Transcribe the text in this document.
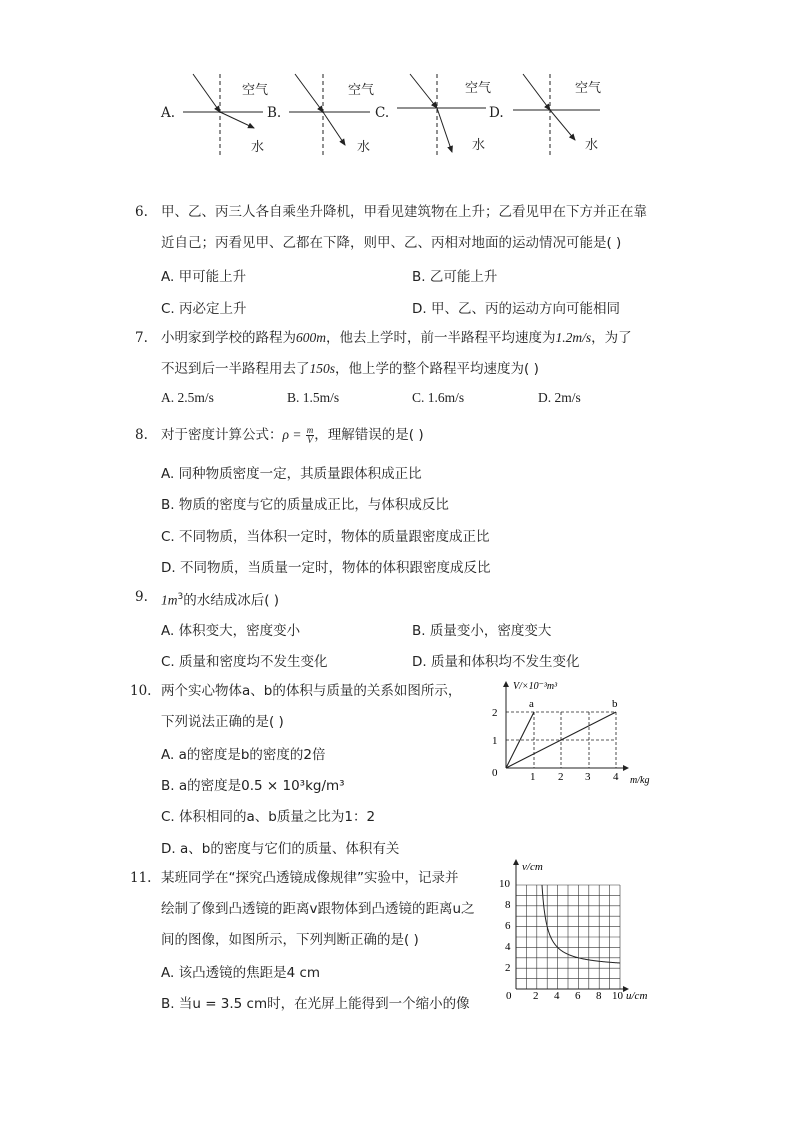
A.	B.	C.	D.
空气	空气	空气	空气
水	水	水	水
6. 甲、乙、丙三人各自乘坐升降机，甲看见建筑物在上升；乙看见甲在下方并正在靠
近自己；丙看见甲、乙都在下降，则甲、乙、丙相对地面的运动情况可能是( )
A. 甲可能上升	B. 乙可能上升
C. 丙必定上升	D. 甲、乙、丙的运动方向可能相同
7. 小明家到学校的路程为600m，他去上学时，前一半路程平均速度为1.2m/s，为了
不迟到后一半路程用去了150s，他上学的整个路程平均速度为( )
A. 2.5m/s	B. 1.5m/s	C. 1.6m/s	D. 2m/s
8. 对于密度计算公式：$\rho = \frac{m}{V}$ ，理解错误的是( )
A. 同种物质密度一定，其质量跟体积成正比
B. 物质的密度与它的质量成正比，与体积成反比
C. 不同物质，当体积一定时，物体的质量跟密度成正比
D. 不同物质，当质量一定时，物体的体积跟密度成反比
9. $1m^3$的水结成冰后( )
A. 体积变大，密度变小	B. 质量变小，密度变大
C. 质量和密度均不发生变化	D. 质量和体积均不发生变化
10. 两个实心物体a、b的体积与质量的关系如图所示，
下列说法正确的是( )
A. a的密度是b的密度的2倍
B. a的密度是0.5 × 10³kg/m³
C. 体积相同的a、b质量之比为1：2
D. a、b的密度与它们的质量、体积有关
V/×10⁻³m³
m/kg
0
1
2
1 2 3 4
a	b
11. 某班同学在“探究凸透镜成像规律”实验中，记录并
绘制了像到凸透镜的距离v跟物体到凸透镜的距离u之
间的图像，如图所示，下列判断正确的是( )
A. 该凸透镜的焦距是4 cm
B. 当u = 3.5 cm时，在光屏上能得到一个缩小的像
v/cm
u/cm
0
2
4
6
8
10
2 4 6 8 10
